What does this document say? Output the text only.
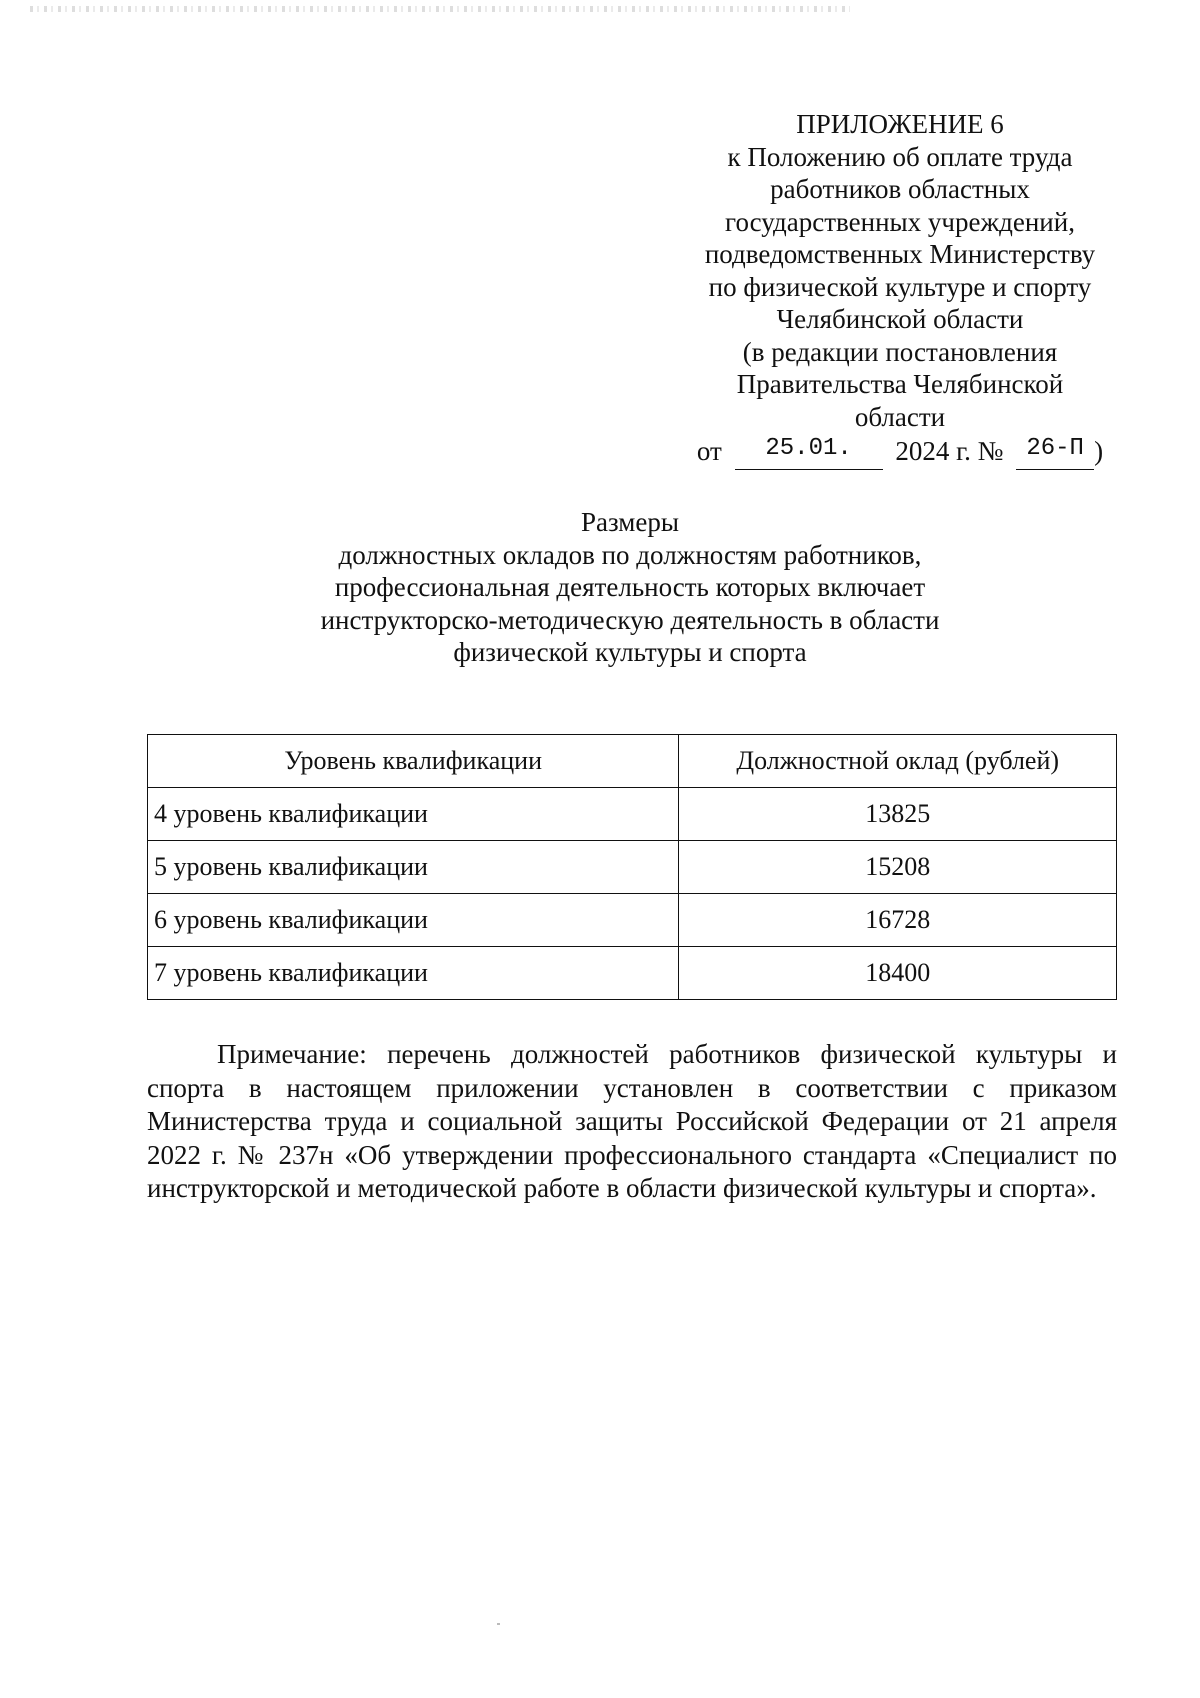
ПРИЛОЖЕНИЕ 6
к Положению об оплате труда
работников областных
государственных учреждений,
подведомственных Министерству
по физической культуре и спорту
Челябинской области
(в редакции постановления
Правительства Челябинской
области
от 25.01. 2024 г. № 26-П )
Размеры
должностных окладов по должностям работников,
профессиональная деятельность которых включает
инструкторско-методическую деятельность в области
физической культуры и спорта
Уровень квалификации	Должностной оклад (рублей)
4 уровень квалификации	13825
5 уровень квалификации	15208
6 уровень квалификации	16728
7 уровень квалификации	18400

Примечание: перечень должностей работников физической культуры и спорта в настоящем приложении установлен в соответствии с приказом Министерства труда и социальной защиты Российской Федерации от 21 апреля 2022 г. № 237н «Об утверждении профессионального стандарта «Специалист по инструкторской и методической работе в области физической культуры и спорта».
